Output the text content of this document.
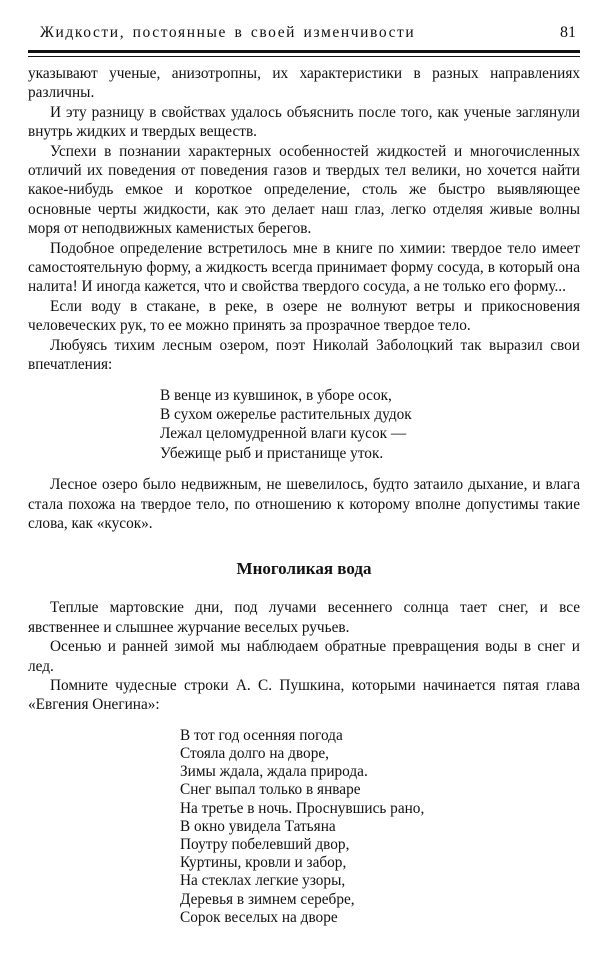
Жидкости, постоянные в своей изменчивости	81

указывают ученые, анизотропны, их характеристики в разных направлениях различны.

И эту разницу в свойствах удалось объяснить после того, как ученые заглянули внутрь жидких и твердых веществ.

Успехи в познании характерных особенностей жидкостей и многочисленных отличий их поведения от поведения газов и твердых тел велики, но хочется найти какое-нибудь емкое и короткое определение, столь же быстро выявляющее основные черты жидкости, как это делает наш глаз, легко отделяя живые волны моря от неподвижных каменистых берегов.

Подобное определение встретилось мне в книге по химии: твердое тело имеет самостоятельную форму, а жидкость всегда принимает форму сосуда, в который она налита! И иногда кажется, что и свойства твердого сосуда, а не только его форму...

Если воду в стакане, в реке, в озере не волнуют ветры и прикосновения человеческих рук, то ее можно принять за прозрачное твердое тело.

Любуясь тихим лесным озером, поэт Николай Заболоцкий так выразил свои впечатления:

В венце из кувшинок, в уборе осок,
В сухом ожерелье растительных дудок
Лежал целомудренной влаги кусок —
Убежище рыб и пристанище уток.

Лесное озеро было недвижным, не шевелилось, будто затаило дыхание, и влага стала похожа на твердое тело, по отношению к которому вполне допустимы такие слова, как «кусок».

Многоликая вода

Теплые мартовские дни, под лучами весеннего солнца тает снег, и все явственнее и слышнее журчание веселых ручьев.

Осенью и ранней зимой мы наблюдаем обратные превращения воды в снег и лед.

Помните чудесные строки А. С. Пушкина, которыми начинается пятая глава «Евгения Онегина»:

В тот год осенняя погода
Стояла долго на дворе,
Зимы ждала, ждала природа.
Снег выпал только в январе
На третье в ночь. Проснувшись рано,
В окно увидела Татьяна
Поутру побелевший двор,
Куртины, кровли и забор,
На стеклах легкие узоры,
Деревья в зимнем серебре,
Сорок веселых на дворе
